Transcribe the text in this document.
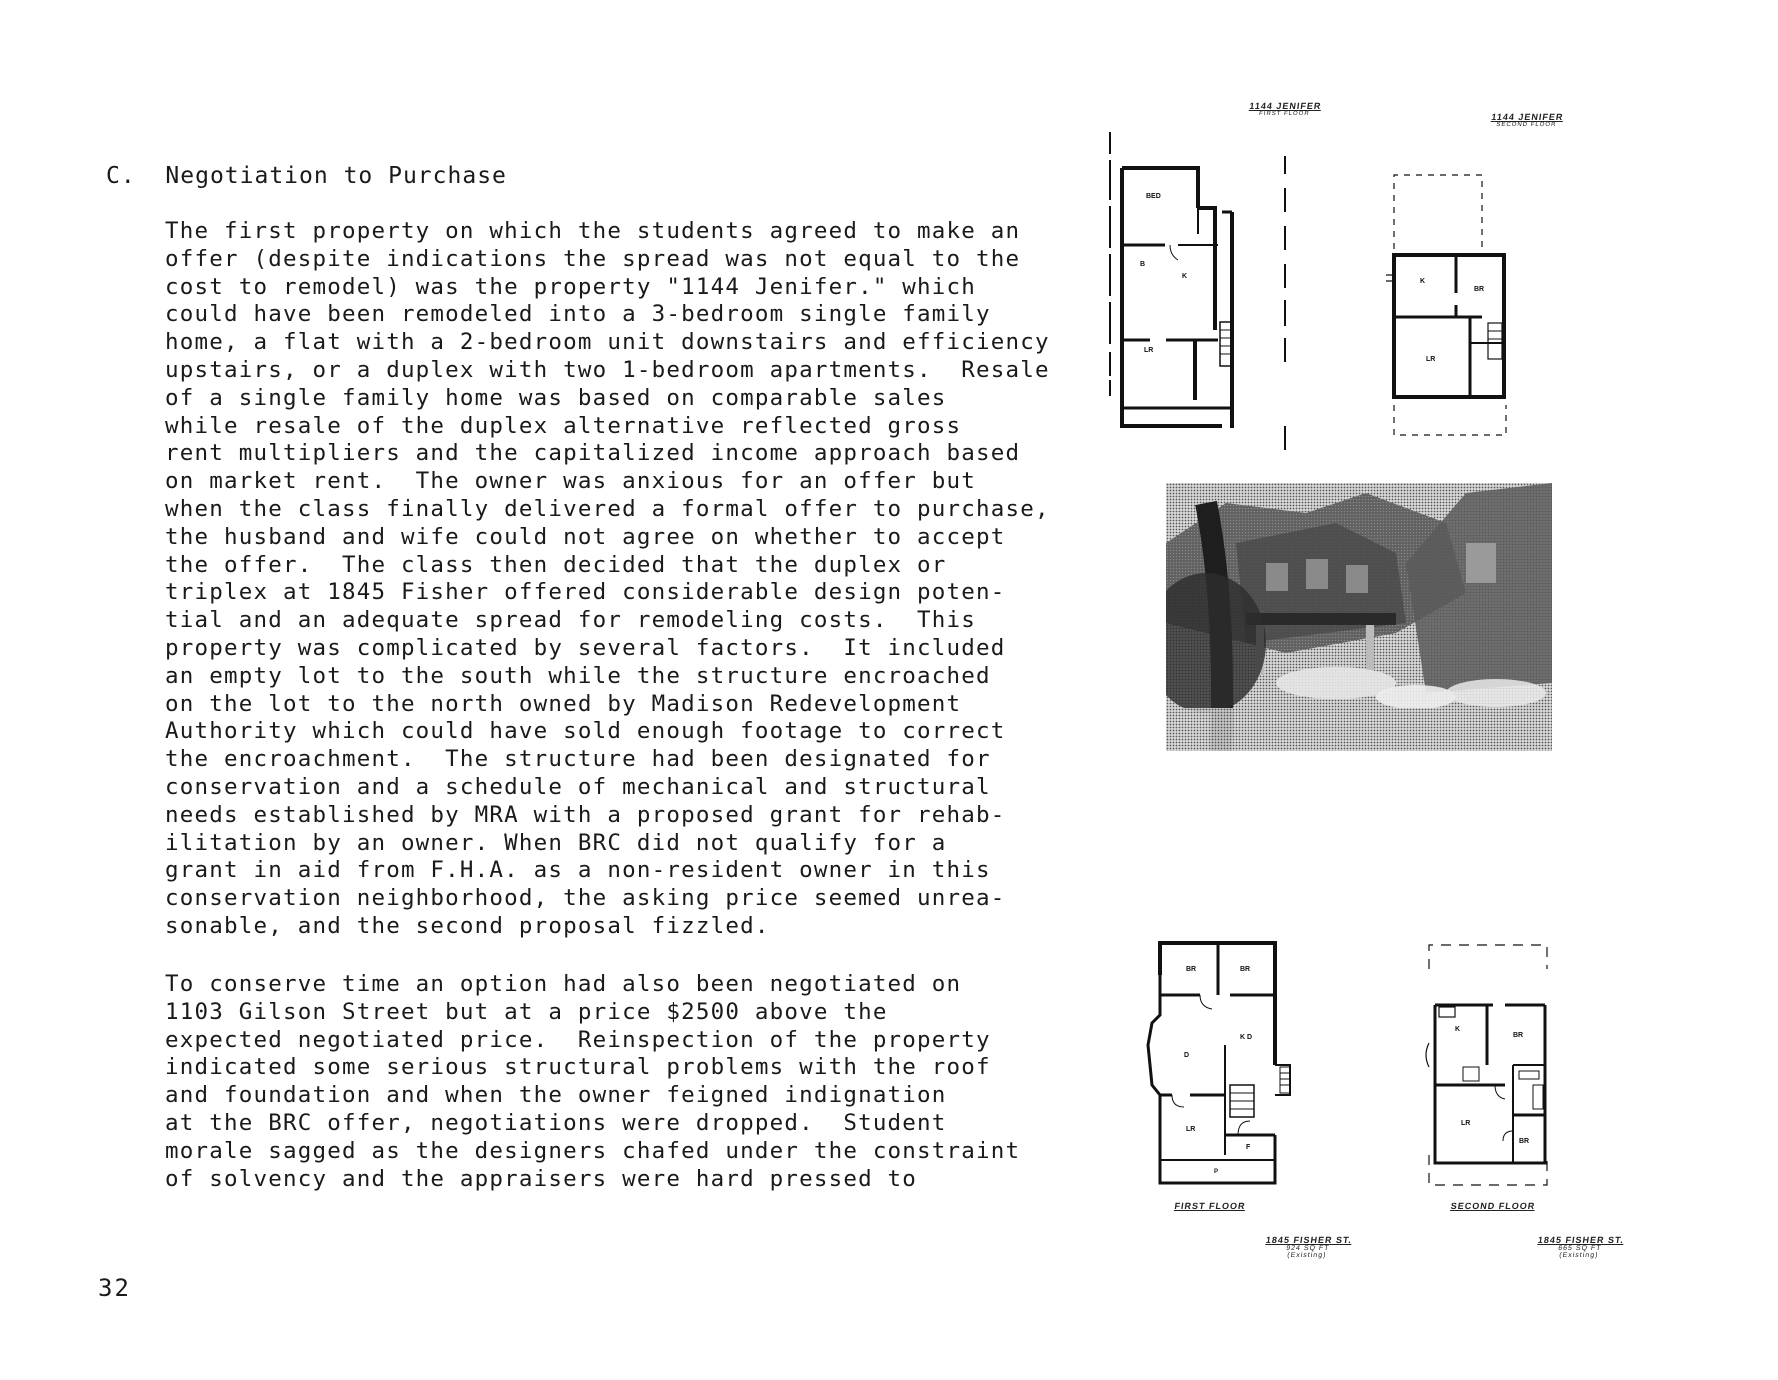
C. Negotiation to Purchase
The first property on which the students agreed to make an
offer (despite indications the spread was not equal to the
cost to remodel) was the property "1144 Jenifer." which
could have been remodeled into a 3-bedroom single family
home, a flat with a 2-bedroom unit downstairs and efficiency
upstairs, or a duplex with two 1-bedroom apartments.  Resale
of a single family home was based on comparable sales
while resale of the duplex alternative reflected gross
rent multipliers and the capitalized income approach based
on market rent.  The owner was anxious for an offer but
when the class finally delivered a formal offer to purchase,
the husband and wife could not agree on whether to accept
the offer.  The class then decided that the duplex or
triplex at 1845 Fisher offered considerable design poten-
tial and an adequate spread for remodeling costs.  This
property was complicated by several factors.  It included
an empty lot to the south while the structure encroached
on the lot to the north owned by Madison Redevelopment
Authority which could have sold enough footage to correct
the encroachment.  The structure had been designated for
conservation and a schedule of mechanical and structural
needs established by MRA with a proposed grant for rehab-
ilitation by an owner. When BRC did not qualify for a
grant in aid from F.H.A. as a non-resident owner in this
conservation neighborhood, the asking price seemed unrea-
sonable, and the second proposal fizzled.
To conserve time an option had also been negotiated on
1103 Gilson Street but at a price $2500 above the
expected negotiated price.  Reinspection of the property
indicated some serious structural problems with the roof
and foundation and when the owner feigned indignation
at the BRC offer, negotiations were dropped.  Student
morale sagged as the designers chafed under the constraint
of solvency and the appraisers were hard pressed to
32
1144 JENIFER
FIRST FLOOR	1144 JENIFER
SECOND FLOOR
BED
B
K
LR
K
BR
LR
BR	BR
K D
D
LR
F
P
K
BR
LR
BR
FIRST FLOOR	SECOND FLOOR
1845 FISHER ST.
924 SQ FT
(Existing)
1845 FISHER ST.
665 SQ FT
(Existing)
